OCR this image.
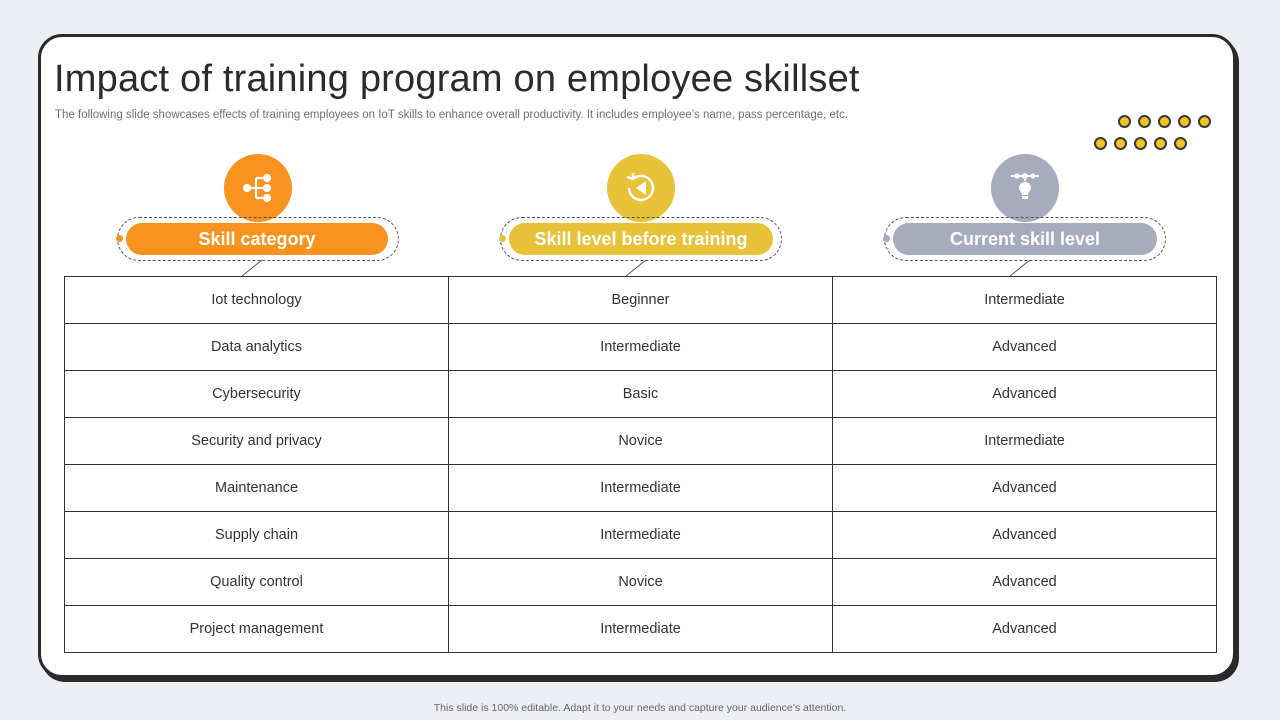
Impact of training program on employee skillset
The following slide showcases effects of training employees on IoT skills to enhance overall productivity. It includes employee’s name, pass percentage, etc.
Skill category	Skill level before training	Current skill level
Iot technology	Beginner	Intermediate
Data analytics	Intermediate	Advanced
Cybersecurity	Basic	Advanced
Security and privacy	Novice	Intermediate
Maintenance	Intermediate	Advanced
Supply chain	Intermediate	Advanced
Quality control	Novice	Advanced
Project management	Intermediate	Advanced
This slide is 100% editable. Adapt it to your needs and capture your audience’s attention.
